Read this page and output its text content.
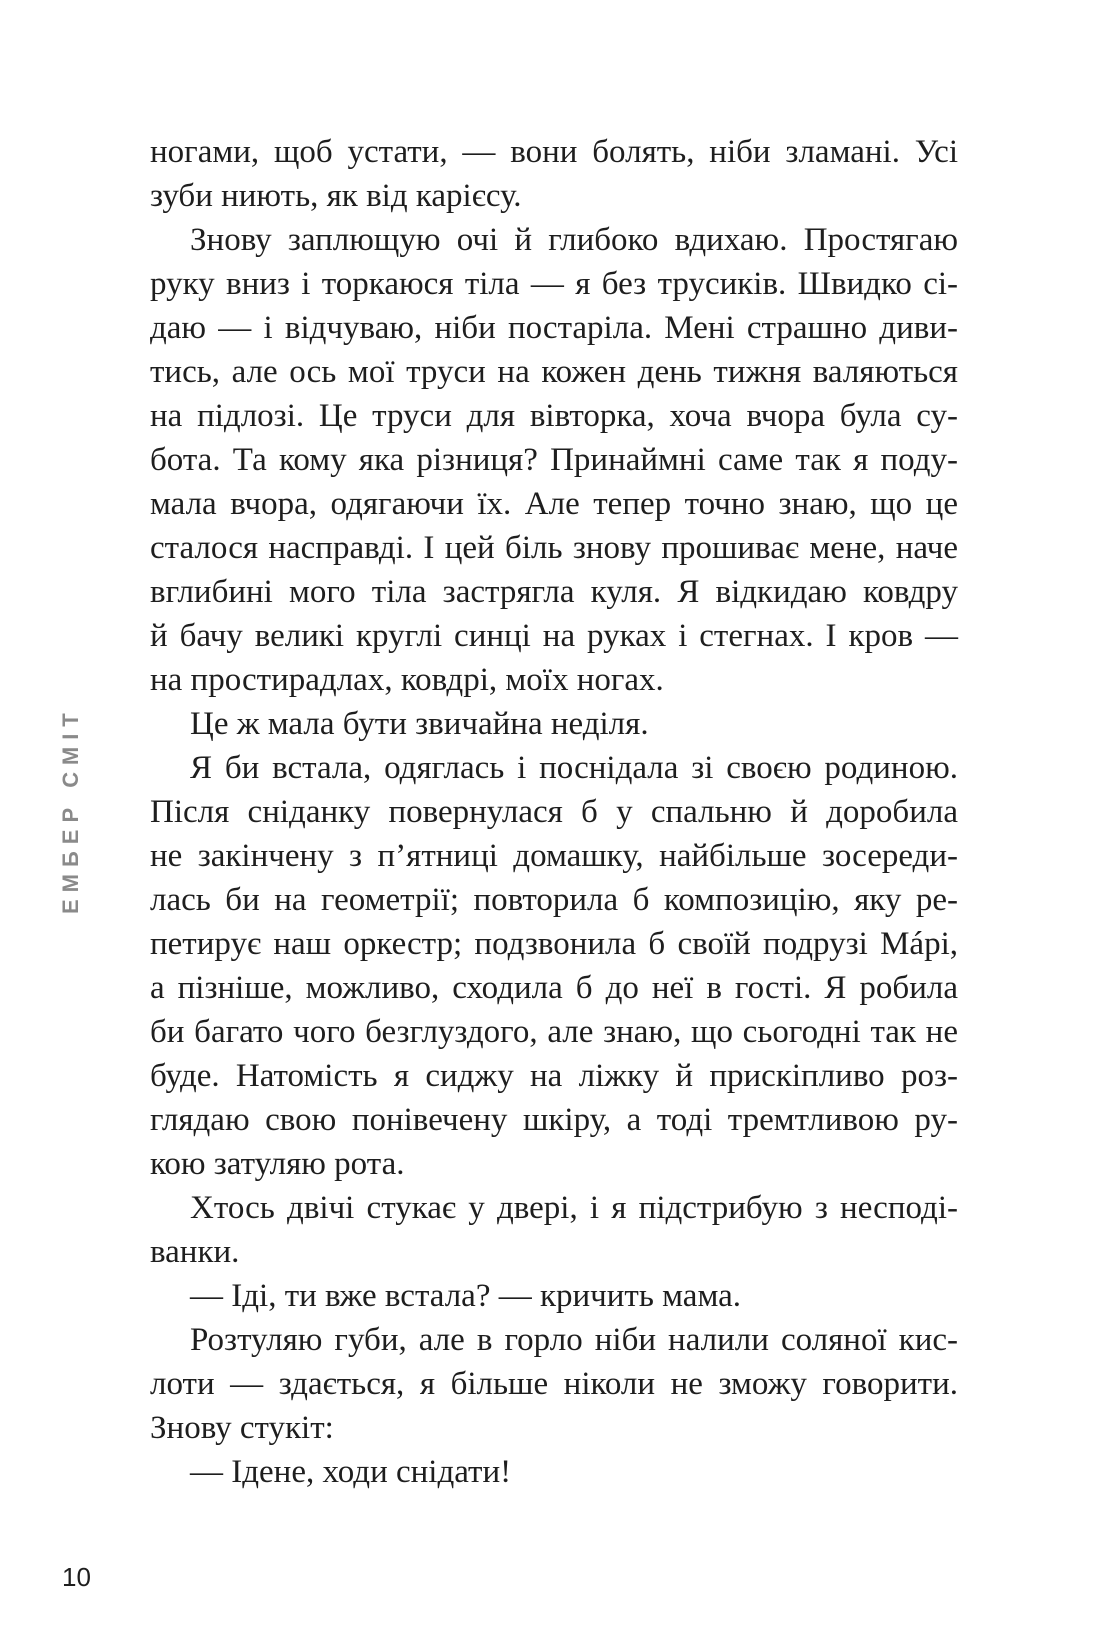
ЕМБЕР СМІТ
ногами, щоб устати, — вони болять, ніби зламані. Усі
зуби ниють, як від карієсу.
Знову заплющую очі й глибоко вдихаю. Простягаю
руку вниз і торкаюся тіла — я без трусиків. Швидко сі-
даю — і відчуваю, ніби постаріла. Мені страшно диви-
тись, але ось мої труси на кожен день тижня валяються
на підлозі. Це труси для вівторка, хоча вчора була су-
бота. Та кому яка різниця? Принаймні саме так я поду-
мала вчора, одягаючи їх. Але тепер точно знаю, що це
сталося насправді. І цей біль знову прошиває мене, наче
вглибині мого тіла застрягла куля. Я відкидаю ковдру
й бачу великі круглі синці на руках і стегнах. І кров —
на простирадлах, ковдрі, моїх ногах.
Це ж мала бути звичайна неділя.
Я би встала, одяглась і поснідала зі своєю родиною.
Після сніданку повернулася б у спальню й доробила
не закінчену з п’ятниці домашку, найбільше зосереди-
лась би на геометрії; повторила б композицію, яку ре-
петирує наш оркестр; подзвонила б своїй подрузі Мáрі,
а пізніше, можливо, сходила б до неї в гості. Я робила
би багато чого безглуздого, але знаю, що сьогодні так не
буде. Натомість я сиджу на ліжку й прискіпливо роз-
глядаю свою понівечену шкіру, а тоді тремтливою ру-
кою затуляю рота.
Хтось двічі стукає у двері, і я підстрибую з несподі-
ванки.
— Іді, ти вже встала? — кричить мама.
Розтуляю губи, але в горло ніби налили соляної кис-
лоти — здається, я більше ніколи не зможу говорити.
Знову стукіт:
— Ідене, ходи снідати!
10
